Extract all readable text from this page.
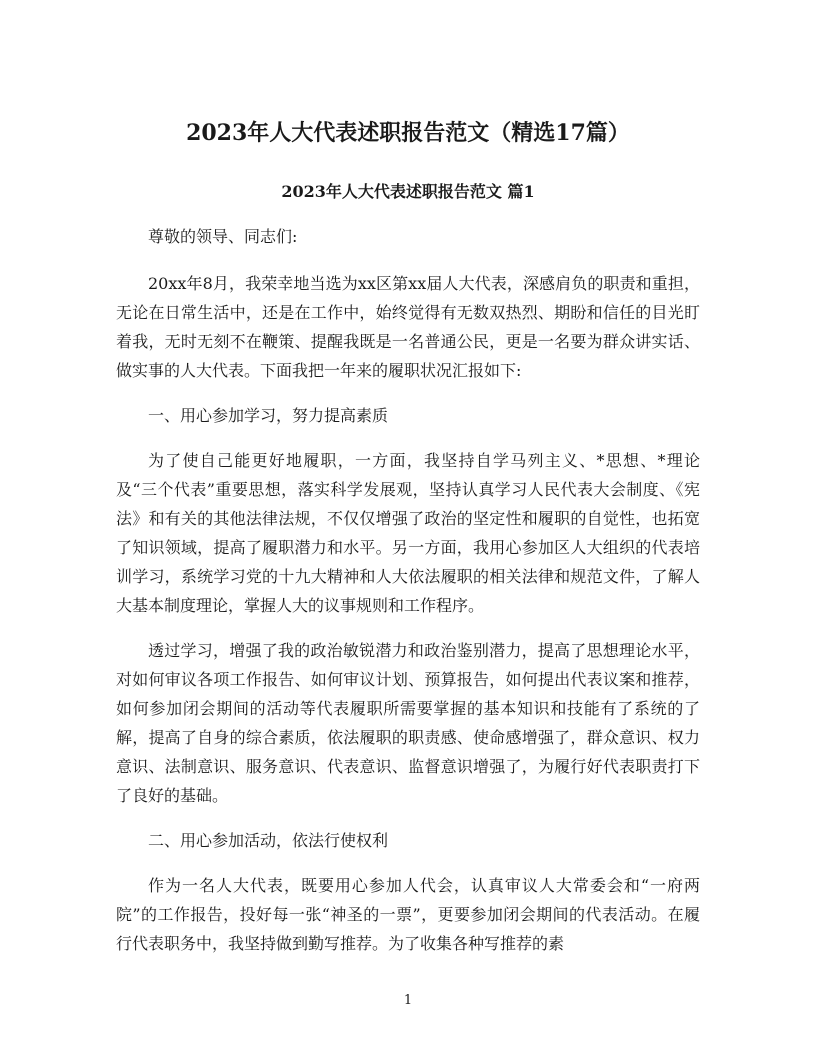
2023年人大代表述职报告范文（精选17篇）
2023年人大代表述职报告范文 篇1

尊敬的领导、同志们:

20xx年8月，我荣幸地当选为xx区第xx届人大代表，深感肩负的职责和重担，无论在日常生活中，还是在工作中，始终觉得有无数双热烈、期盼和信任的目光盯着我，无时无刻不在鞭策、提醒我既是一名普通公民，更是一名要为群众讲实话、做实事的人大代表。下面我把一年来的履职状况汇报如下:

一、用心参加学习，努力提高素质

为了使自己能更好地履职，一方面，我坚持自学马列主义、*思想、*理论及“三个代表”重要思想，落实科学发展观，坚持认真学习人民代表大会制度、《宪法》和有关的其他法律法规，不仅仅增强了政治的坚定性和履职的自觉性，也拓宽了知识领域，提高了履职潜力和水平。另一方面，我用心参加区人大组织的代表培训学习，系统学习党的十九大精神和人大依法履职的相关法律和规范文件，了解人大基本制度理论，掌握人大的议事规则和工作程序。

透过学习，增强了我的政治敏锐潜力和政治鉴别潜力，提高了思想理论水平，对如何审议各项工作报告、如何审议计划、预算报告，如何提出代表议案和推荐，如何参加闭会期间的活动等代表履职所需要掌握的基本知识和技能有了系统的了解，提高了自身的综合素质，依法履职的职责感、使命感增强了，群众意识、权力意识、法制意识、服务意识、代表意识、监督意识增强了，为履行好代表职责打下了良好的基础。

二、用心参加活动，依法行使权利

作为一名人大代表，既要用心参加人代会，认真审议人大常委会和“一府两院”的工作报告，投好每一张“神圣的一票”，更要参加闭会期间的代表活动。在履行代表职务中，我坚持做到勤写推荐。为了收集各种写推荐的素

1
